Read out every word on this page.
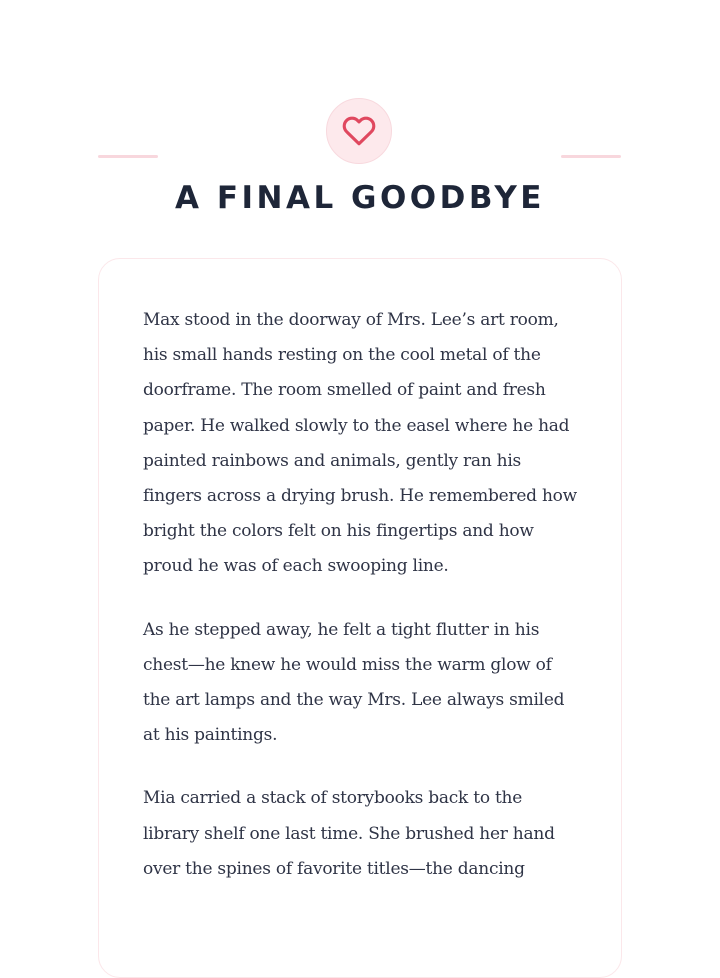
A FINAL GOODBYE

Max stood in the doorway of Mrs. Lee’s art room, his small hands resting on the cool metal of the doorframe. The room smelled of paint and fresh paper. He walked slowly to the easel where he had painted rainbows and animals, gently ran his fingers across a drying brush. He remembered how bright the colors felt on his fingertips and how proud he was of each swooping line.

As he stepped away, he felt a tight flutter in his chest—he knew he would miss the warm glow of the art lamps and the way Mrs. Lee always smiled at his paintings.

Mia carried a stack of storybooks back to the library shelf one last time. She brushed her hand over the spines of favorite titles—the dancing
